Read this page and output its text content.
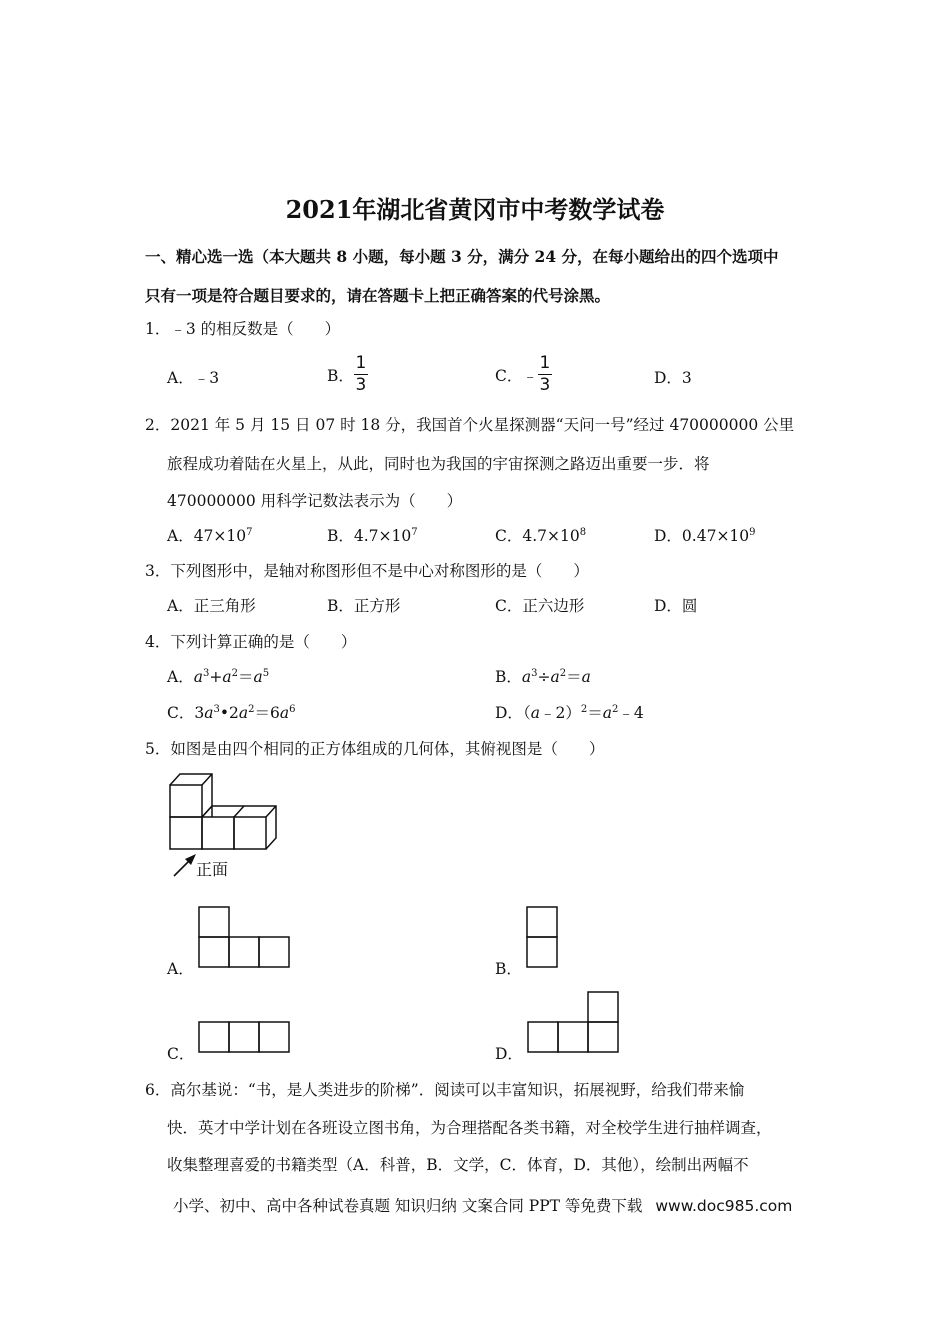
2021年湖北省黄冈市中考数学试卷
一、精心选一选（本大题共 8 小题，每小题 3 分，满分 24 分，在每小题给出的四个选项中
只有一项是符合题目要求的，请在答题卡上把正确答案的代号涂黑。
1．﹣3 的相反数是（　　）
A．﹣3	B． $\frac{1}{3}$	C．﹣ $\frac{1}{3}$	D．3
2．2021 年 5 月 15 日 07 时 18 分，我国首个火星探测器“天问一号”经过 470000000 公里
旅程成功着陆在火星上，从此，同时也为我国的宇宙探测之路迈出重要一步．将
470000000 用科学记数法表示为（　　）
A．$47\times 10^7$	B．$4.7\times 10^7$	C．$4.7\times 10^8$	D．$0.47\times 10^9$
3．下列图形中，是轴对称图形但不是中心对称图形的是（　　）
A．正三角形	B．正方形	C．正六边形	D．圆
4．下列计算正确的是（　　）
A．$a^3+a^2=a^5$	B．$a^3\div a^2=a$
C．$3a^3•2a^2=6a^6$	D．$(a﹣2)^2=a^2﹣4$
5．如图是由四个相同的正方体组成的几何体，其俯视图是（　　）
正面
A．	B．
C．	D．
6．高尔基说：“书，是人类进步的阶梯”．阅读可以丰富知识，拓展视野，给我们带来愉
快．英才中学计划在各班设立图书角，为合理搭配各类书籍，对全校学生进行抽样调查，
收集整理喜爱的书籍类型（A．科普，B．文学，C．体育，D．其他），绘制出两幅不
小学、初中、高中各种试卷真题 知识归纳 文案合同 PPT 等免费下载 www.doc985.com
